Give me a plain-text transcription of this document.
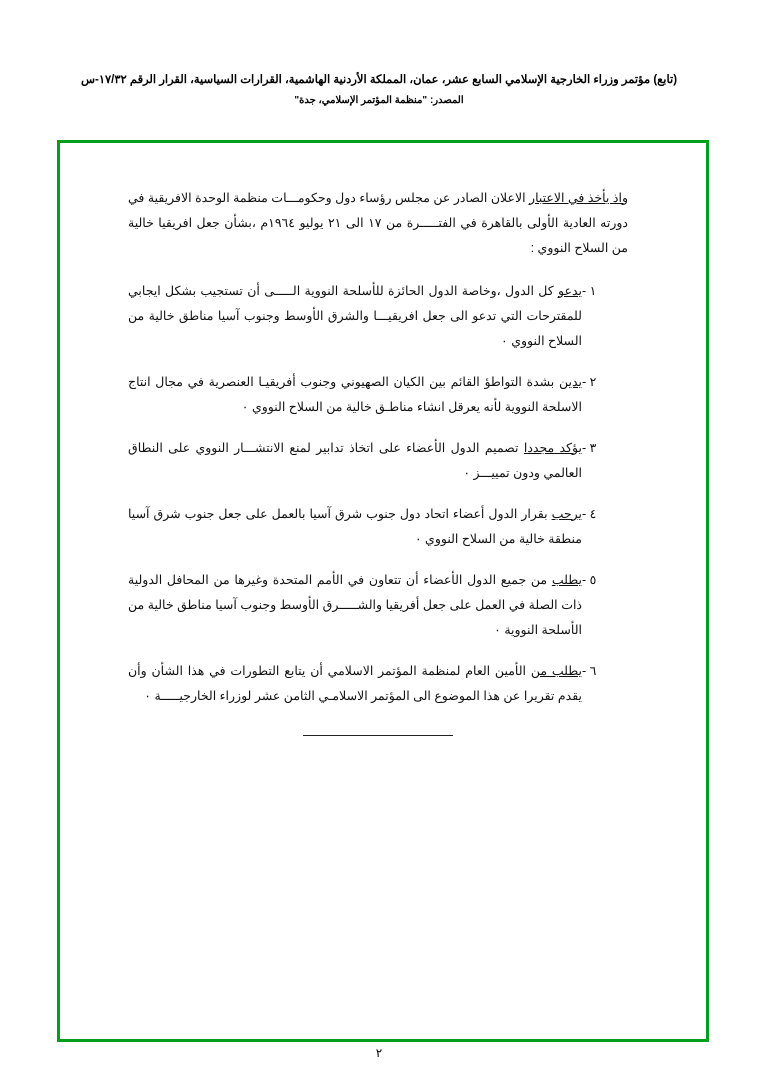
(تابع) مؤتمر وزراء الخارجية الإسلامي السابع عشر، عمان، المملكة الأردنية الهاشمية، القرارات السياسية، القرار الرقم ١٧/٣٢-س
المصدر: "منظمة المؤتمر الإسلامي، جدة"

واذ يأخذ في الاعتبار الاعلان الصادر عن مجلس رؤساء دول وحكومـــات منظمة الوحدة الافريقية في دورته العادية الأولى بالقاهرة في الفتـــــرة من ١٧ الى ٢١ يوليو ١٩٦٤م ،بشأن جعل افريقيا خالية من السلاح النووي :

١ -
يدعو كل الدول ،وخاصة الدول الحائزة للأسلحة النووية الـــــى أن تستجيب بشكل ايجابي للمقترحات التي تدعو الى جعل افريقيـــا والشرق الأوسط وجنوب آسيا مناطق خالية من السلاح النووي ٠
٢ -
يدين بشدة التواطؤ القائم بين الكيان الصهيوني وجنوب أفريقيـا العنصرية في مجال انتاج الاسلحة النووية لأنه يعرقل انشاء مناطـق خالية من السلاح النووي ٠
٣ -
يؤكد مجددا تصميم الدول الأعضاء على اتخاذ تدابير لمنع الانتشـــار النووي على النطاق العالمي ودون تمييـــز ٠
٤ -
يرحب بقرار الدول أعضاء اتحاد دول جنوب شرق آسيا بالعمل على جعل جنوب شرق آسيا منطقة خالية من السلاح النووي ٠
٥ -
يطلب من جميع الدول الأعضاء أن تتعاون في الأمم المتحدة وغيرها من المحافل الدولية ذات الصلة في العمل على جعل أفريقيا والشـــــرق الأوسط وجنوب آسيا مناطق خالية من الأسلحة النووية ٠
٦ -
يطلب من الأمين العام لمنظمة المؤتمر الاسلامي أن يتابع التطورات في هذا الشأن وأن يقدم تقريرا عن هذا الموضوع الى المؤتمر الاسلامـي الثامن عشر لوزراء الخارجيـــــة ٠
٢
